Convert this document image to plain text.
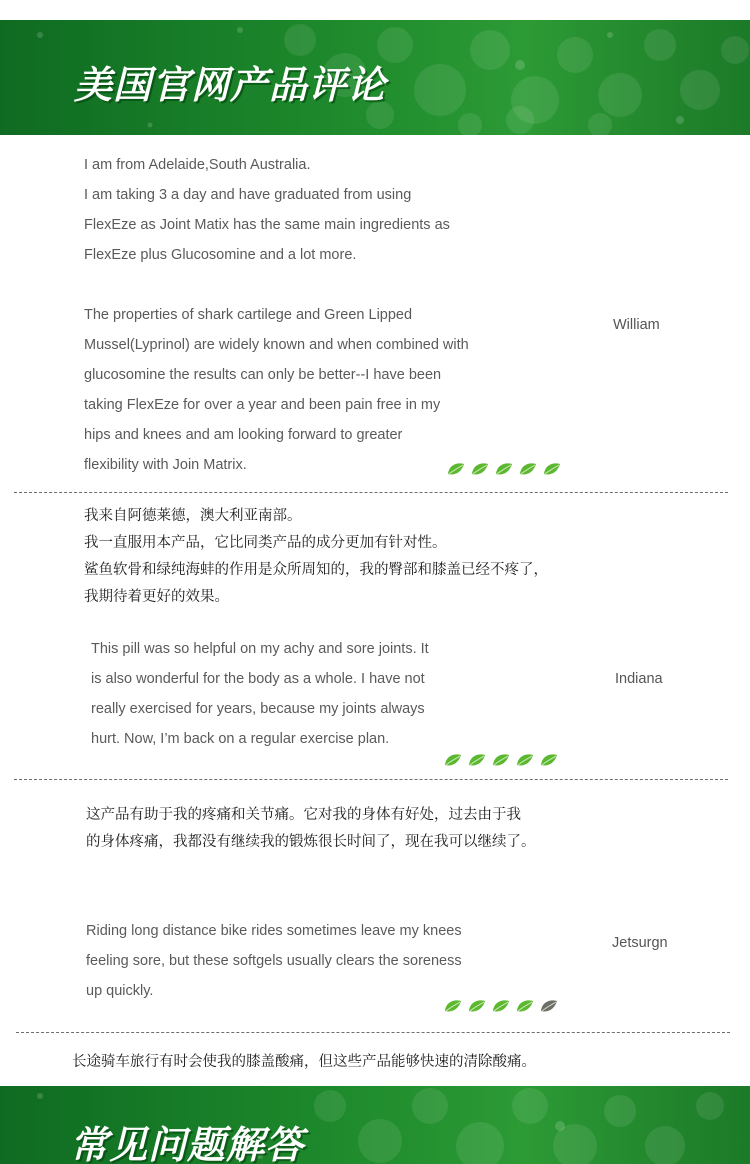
美国官网产品评论

I am from Adelaide,South Australia.

I am taking 3 a day and have graduated from using

FlexEze as Joint Matix has the same main ingredients as

FlexEze plus Glucosomine and a lot more.

The properties of shark cartilege and Green Lipped

Mussel(Lyprinol) are widely known and when combined with

glucosomine the results can only be better--I have been

taking FlexEze for over a year and been pain free in my

hips and knees and am looking forward to greater

flexibility with Join Matrix.

William

我来自阿德莱德，澳大利亚南部。

我一直服用本产品，它比同类产品的成分更加有针对性。

鲨鱼软骨和绿纯海蚌的作用是众所周知的，我的臀部和膝盖已经不疼了，

我期待着更好的效果。

This pill was so helpful on my achy and sore joints. It

is also wonderful for the body as a whole. I have not

really exercised for years, because my joints always

hurt. Now, I’m back on a regular exercise plan.

Indiana

这产品有助于我的疼痛和关节痛。它对我的身体有好处，过去由于我

的身体疼痛，我都没有继续我的锻炼很长时间了，现在我可以继续了。

Riding long distance bike rides sometimes leave my knees

feeling sore, but these softgels usually clears the soreness

up quickly.

Jetsurgn

长途骑车旅行有时会使我的膝盖酸痛，但这些产品能够快速的清除酸痛。

常见问题解答
